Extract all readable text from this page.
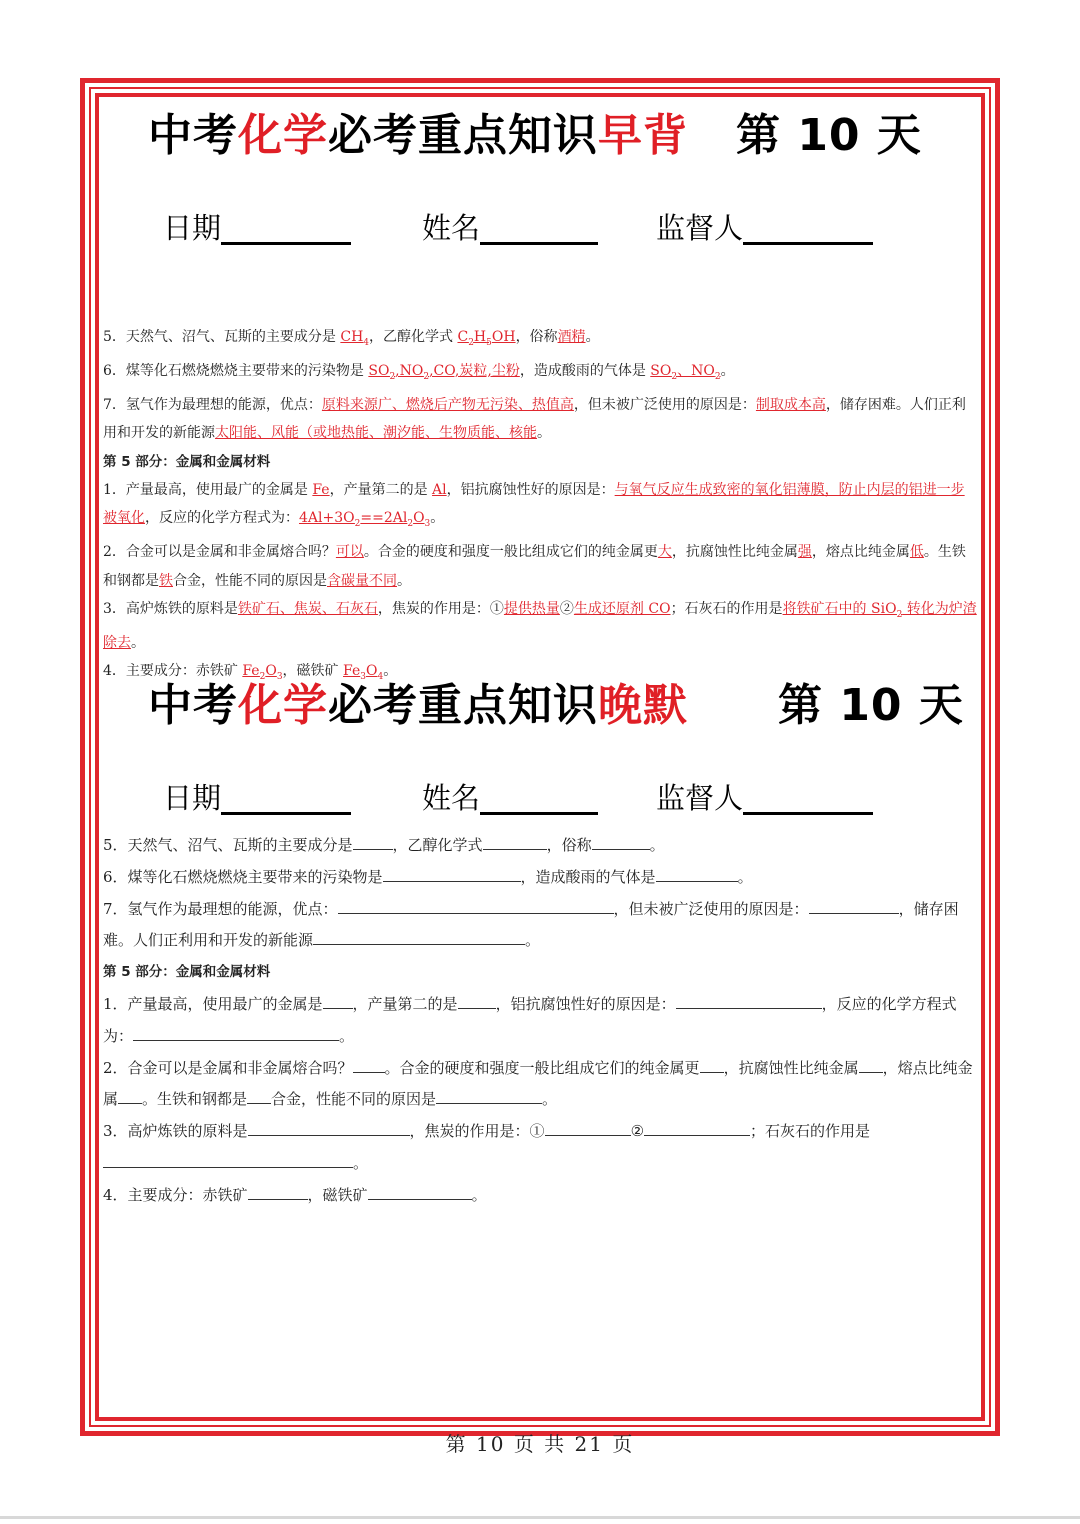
中考化学必考重点知识早背 第 10 天
日期	姓名	监督人

5．天然气、沼气、瓦斯的主要成分是 $CH_4$，乙醇化学式 $C_2H_5OH$，俗称酒精。

6．煤等化石燃烧燃烧主要带来的污染物是 $SO_2,NO_2,CO$,炭粒,尘粉，造成酸雨的气体是 $SO_2$、$NO_2$。

7．氢气作为最理想的能源，优点：原料来源广、燃烧后产物无污染、热值高，但未被广泛使用的原因是：制取成本高，储存困难。人们正利用和开发的新能源太阳能、风能（或地热能、潮汐能、生物质能、核能。

第 5 部分：金属和金属材料

1．产量最高，使用最广的金属是 Fe，产量第二的是 Al，铝抗腐蚀性好的原因是：与氧气反应生成致密的氧化铝薄膜，防止内层的铝进一步被氧化，反应的化学方程式为：$4Al+3O_2==2Al_2O_3$。

2．合金可以是金属和非金属熔合吗？可以。合金的硬度和强度一般比组成它们的纯金属更大，抗腐蚀性比纯金属强，熔点比纯金属低。生铁和钢都是铁合金，性能不同的原因是含碳量不同。

3．高炉炼铁的原料是铁矿石、焦炭、石灰石，焦炭的作用是：①提供热量②生成还原剂 CO；石灰石的作用是将铁矿石中的 SiO$_2$ 转化为炉渣除去。

4．主要成分：赤铁矿 $Fe_2O_3$，磁铁矿 $Fe_3O_4$。

中考化学必考重点知识晚默 第 10 天
日期	姓名	监督人

5．天然气、沼气、瓦斯的主要成分是	，乙醇化学式	，俗称	。

6．煤等化石燃烧燃烧主要带来的污染物是	，造成酸雨的气体是	。

7．氢气作为最理想的能源，优点：	，但未被广泛使用的原因是：	，储存困难。人们正利用和开发的新能源	。

第 5 部分：金属和金属材料

1．产量最高，使用最广的金属是 ，产量第二的是	，铝抗腐蚀性好的原因是：	，反应的化学方程式为：	。

2．合金可以是金属和非金属熔合吗？ 。合金的硬度和强度一般比组成它们的纯金属更 ，抗腐蚀性比纯金属 ，熔点比纯金属 。生铁和钢都是 合金，性能不同的原因是	。

3．高炉炼铁的原料是	，焦炭的作用是：①	②	；石灰石的作用是。

4．主要成分：赤铁矿	，磁铁矿	。

第 10 页 共 21 页
